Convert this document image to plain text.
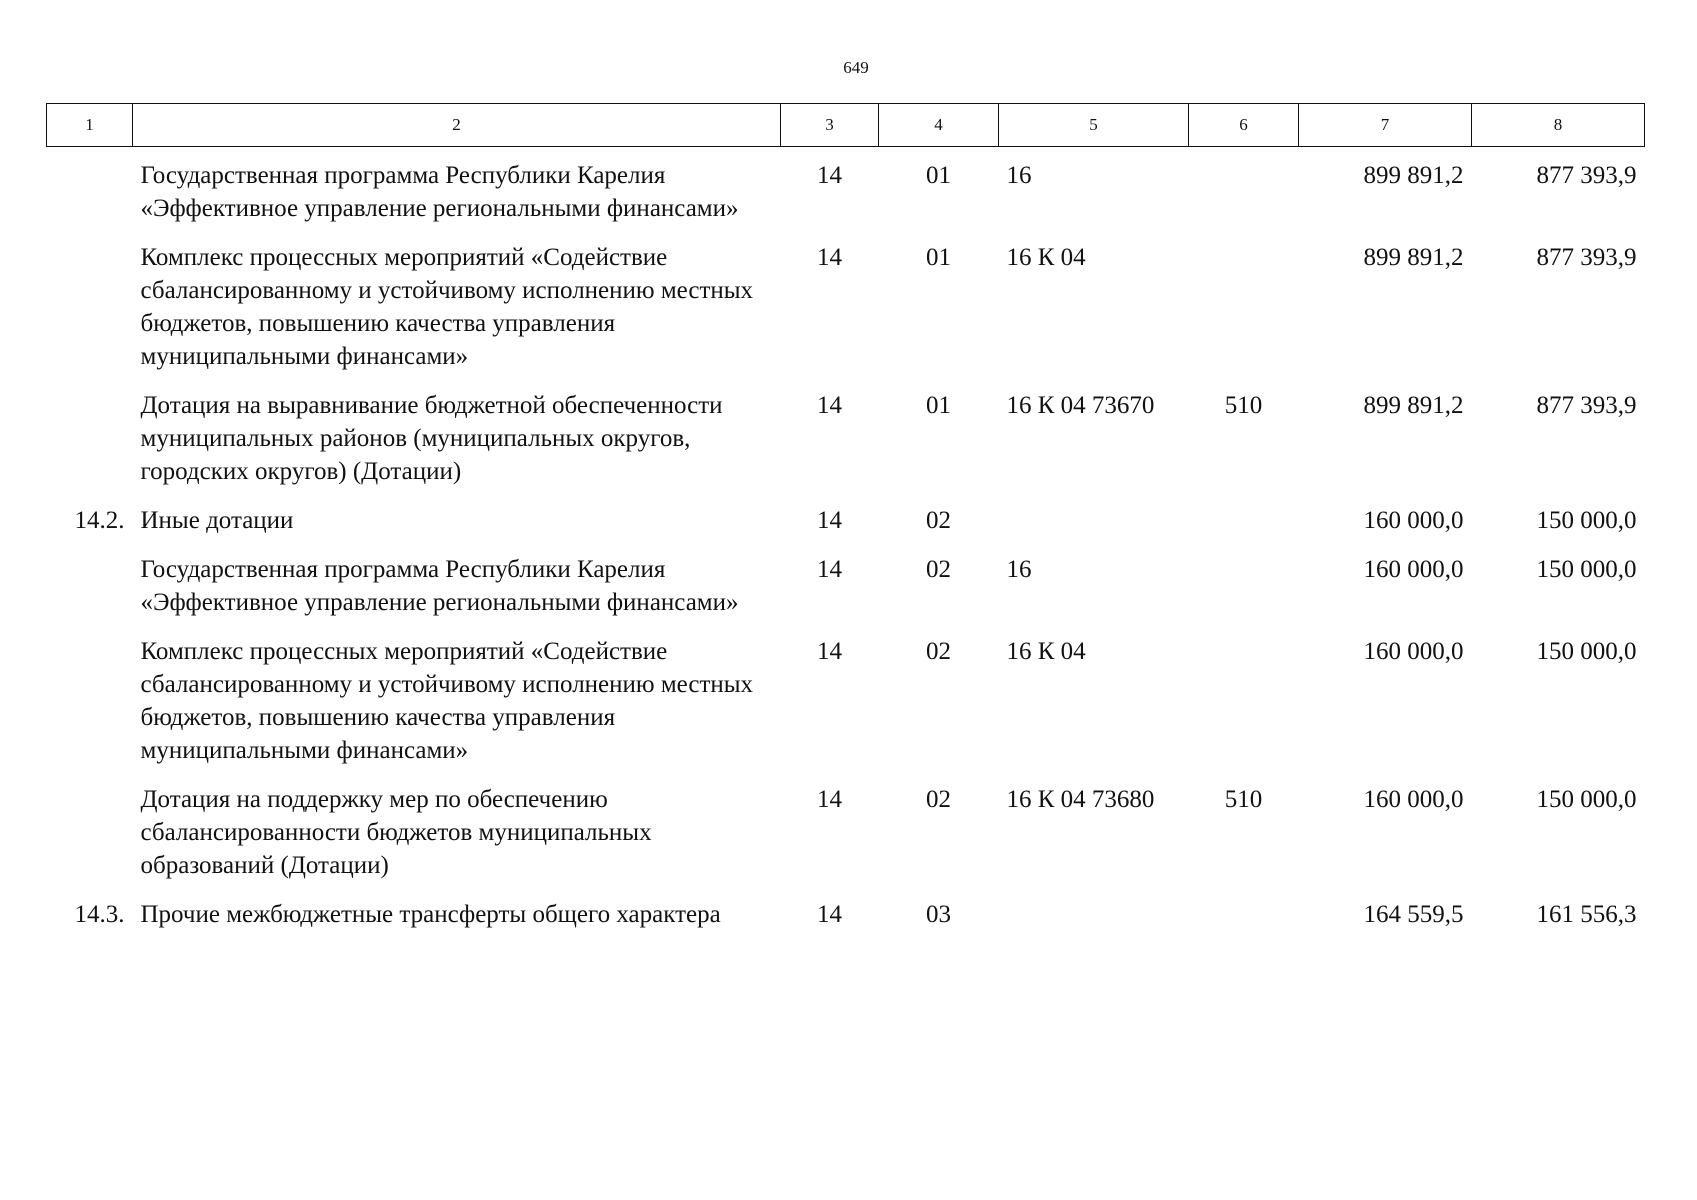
649
1	2	3	4	5	6	7	8
	Государственная программа Республики Карелия «Эффективное управление региональными финансами»	14	01	16		899 891,2	877 393,9
	Комплекс процессных мероприятий «Содействие сбалансированному и устойчивому исполнению местных бюджетов, повышению качества управления муниципальными финансами»	14	01	16 К 04		899 891,2	877 393,9
	Дотация на выравнивание бюджетной обеспеченности муниципальных районов (муниципальных округов, городских округов) (Дотации)	14	01	16 К 04 73670	510	899 891,2	877 393,9
14.2.	Иные дотации	14	02			160 000,0	150 000,0
	Государственная программа Республики Карелия «Эффективное управление региональными финансами»	14	02	16		160 000,0	150 000,0
	Комплекс процессных мероприятий «Содействие сбалансированному и устойчивому исполнению местных бюджетов, повышению качества управления муниципальными финансами»	14	02	16 К 04		160 000,0	150 000,0
	Дотация на поддержку мер по обеспечению сбалансированности бюджетов муниципальных образований (Дотации)	14	02	16 К 04 73680	510	160 000,0	150 000,0
14.3.	Прочие межбюджетные трансферты общего характера	14	03			164 559,5	161 556,3
